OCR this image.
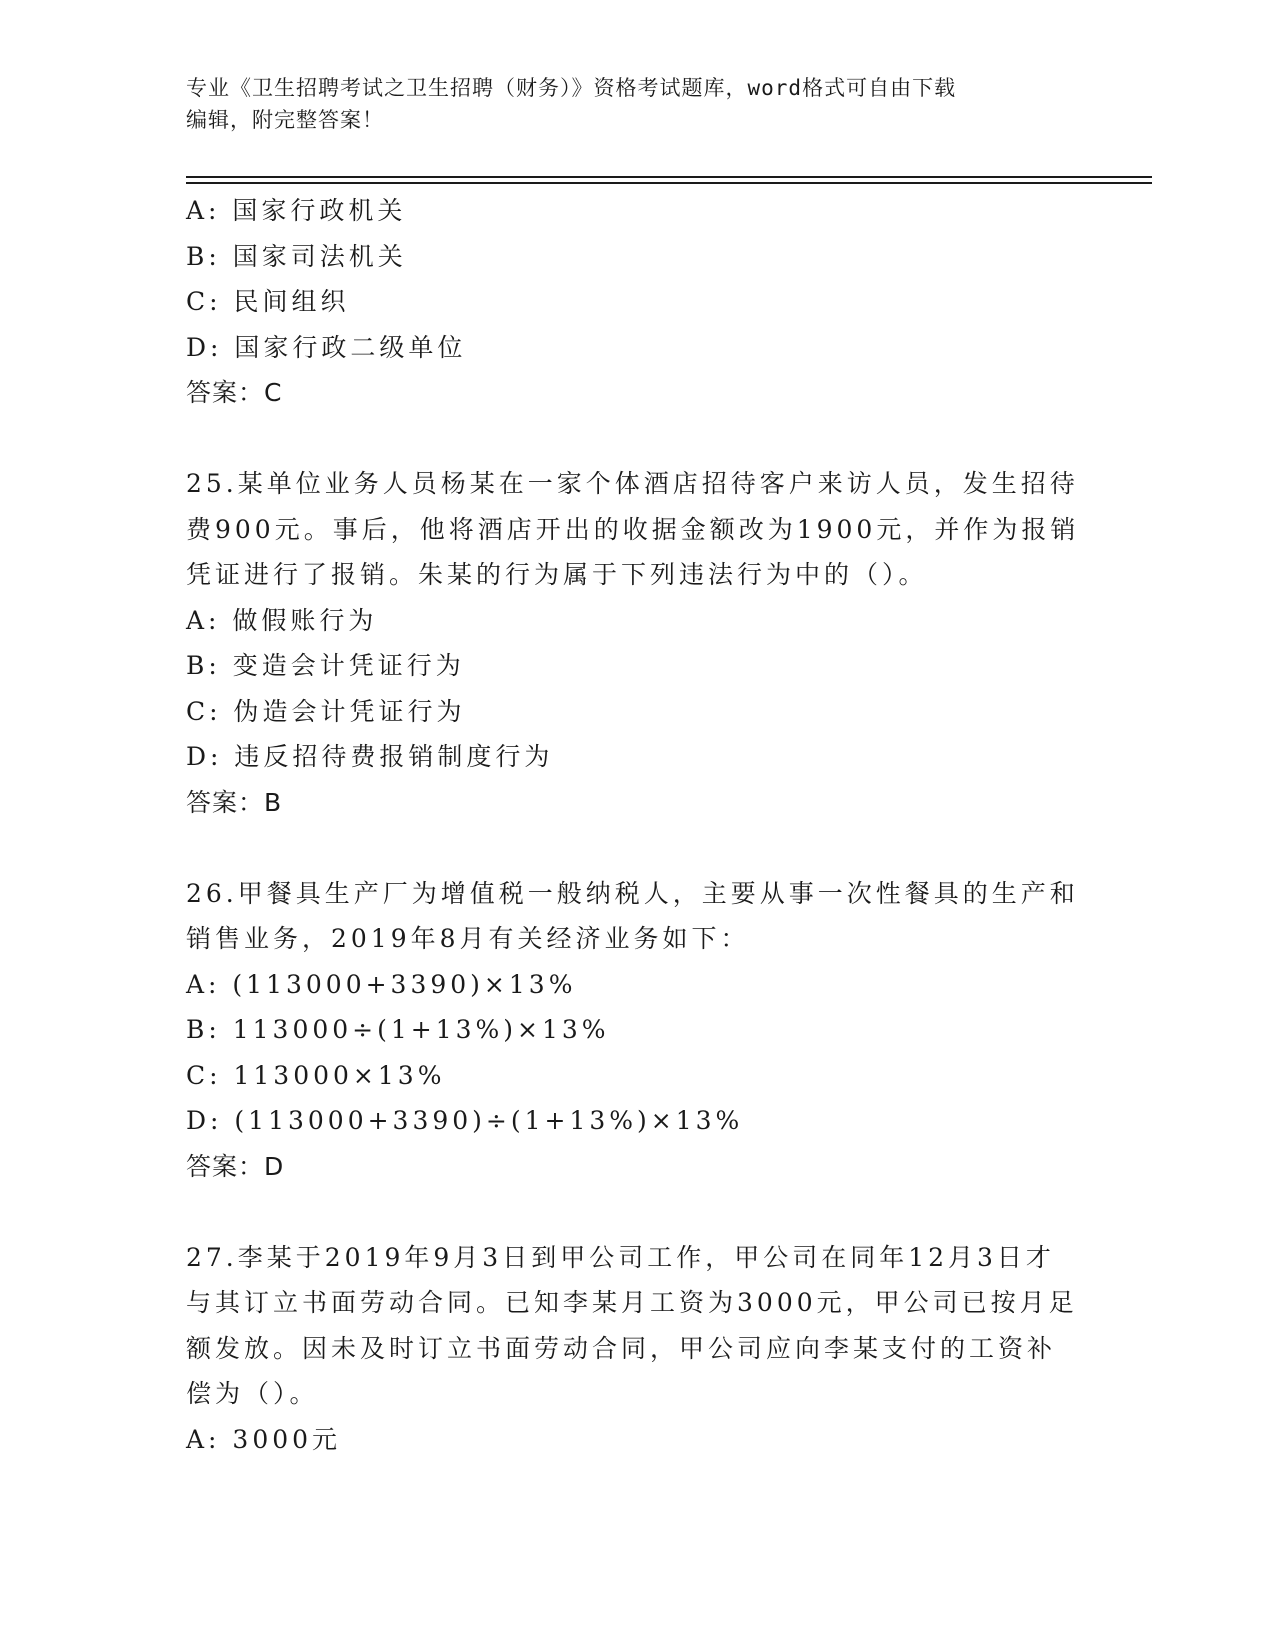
专业《卫生招聘考试之卫生招聘（财务）》资格考试题库，word格式可自由下载
编辑，附完整答案！
A: 国家行政机关
B: 国家司法机关
C: 民间组织
D: 国家行政二级单位
答案：C
25.某单位业务人员杨某在一家个体酒店招待客户来访人员，发生招待
费900元。事后，他将酒店开出的收据金额改为1900元，并作为报销
凭证进行了报销。朱某的行为属于下列违法行为中的（）。
A: 做假账行为
B: 变造会计凭证行为
C: 伪造会计凭证行为
D: 违反招待费报销制度行为
答案：B
26.甲餐具生产厂为增值税一般纳税人，主要从事一次性餐具的生产和
销售业务，2019年8月有关经济业务如下：
A: (113000+3390)×13%
B: 113000÷(1+13%)×13%
C: 113000×13%
D: (113000+3390)÷(1+13%)×13%
答案：D
27.李某于2019年9月3日到甲公司工作，甲公司在同年12月3日才
与其订立书面劳动合同。已知李某月工资为3000元，甲公司已按月足
额发放。因未及时订立书面劳动合同，甲公司应向李某支付的工资补
偿为（）。
A: 3000元
